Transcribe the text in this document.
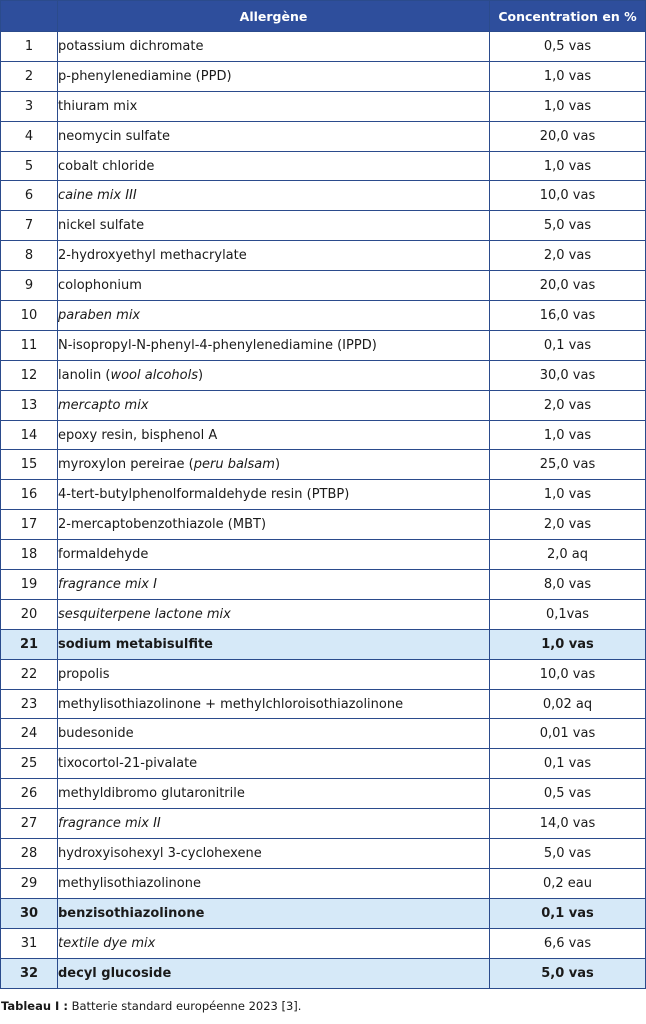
	Allergène	Concentration en %
1	potassium dichromate	0,5 vas
2	p-phenylenediamine (PPD)	1,0 vas
3	thiuram mix	1,0 vas
4	neomycin sulfate	20,0 vas
5	cobalt chloride	1,0 vas
6	caine mix III	10,0 vas
7	nickel sulfate	5,0 vas
8	2-hydroxyethyl methacrylate	2,0 vas
9	colophonium	20,0 vas
10	paraben mix	16,0 vas
11	N-isopropyl-N-phenyl-4-phenylenediamine (IPPD)	0,1 vas
12	lanolin (wool alcohols)	30,0 vas
13	mercapto mix	2,0 vas
14	epoxy resin, bisphenol A	1,0 vas
15	myroxylon pereirae (peru balsam)	25,0 vas
16	4-tert-butylphenolformaldehyde resin (PTBP)	1,0 vas
17	2-mercaptobenzothiazole (MBT)	2,0 vas
18	formaldehyde	2,0 aq
19	fragrance mix I	8,0 vas
20	sesquiterpene lactone mix	0,1vas
21	sodium metabisulfite	1,0 vas
22	propolis	10,0 vas
23	methylisothiazolinone + methylchloroisothiazolinone	0,02 aq
24	budesonide	0,01 vas
25	tixocortol-21-pivalate	0,1 vas
26	methyldibromo glutaronitrile	0,5 vas
27	fragrance mix II	14,0 vas
28	hydroxyisohexyl 3-cyclohexene	5,0 vas
29	methylisothiazolinone	0,2 eau
30	benzisothiazolinone	0,1 vas
31	textile dye mix	6,6 vas
32	decyl glucoside	5,0 vas
Tableau I : Batterie standard européenne 2023 [3].
